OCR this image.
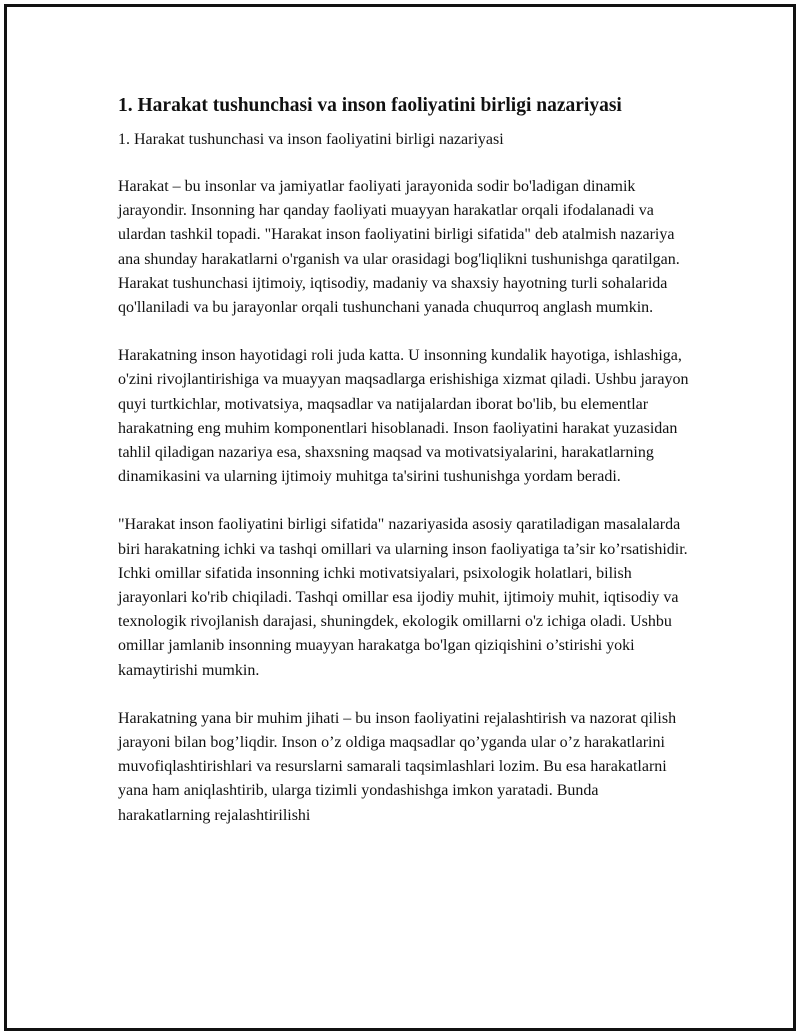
1. Harakat tushunchasi va inson faoliyatini birligi nazariyasi

1. Harakat tushunchasi va inson faoliyatini birligi nazariyasi

Harakat – bu insonlar va jamiyatlar faoliyati jarayonida sodir bo'ladigan dinamik jarayondir. Insonning har qanday faoliyati muayyan harakatlar orqali ifodalanadi va ulardan tashkil topadi. "Harakat inson faoliyatini birligi sifatida" deb atalmish nazariya ana shunday harakatlarni o'rganish va ular orasidagi bog'liqlikni tushunishga qaratilgan. Harakat tushunchasi ijtimoiy, iqtisodiy, madaniy va shaxsiy hayotning turli sohalarida qo'llaniladi va bu jarayonlar orqali tushunchani yanada chuqurroq anglash mumkin.

Harakatning inson hayotidagi roli juda katta. U insonning kundalik hayotiga, ishlashiga, o'zini rivojlantirishiga va muayyan maqsadlarga erishishiga xizmat qiladi. Ushbu jarayon quyi turtkichlar, motivatsiya, maqsadlar va natijalardan iborat bo'lib, bu elementlar harakatning eng muhim komponentlari hisoblanadi. Inson faoliyatini harakat yuzasidan tahlil qiladigan nazariya esa, shaxsning maqsad va motivatsiyalarini, harakatlarning dinamikasini va ularning ijtimoiy muhitga ta'sirini tushunishga yordam beradi.

"Harakat inson faoliyatini birligi sifatida" nazariyasida asosiy qaratiladigan masalalarda biri harakatning ichki va tashqi omillari va ularning inson faoliyatiga ta’sir ko’rsatishidir. Ichki omillar sifatida insonning ichki motivatsiyalari, psixologik holatlari, bilish jarayonlari ko'rib chiqiladi. Tashqi omillar esa ijodiy muhit, ijtimoiy muhit, iqtisodiy va texnologik rivojlanish darajasi, shuningdek, ekologik omillarni o'z ichiga oladi. Ushbu omillar jamlanib insonning muayyan harakatga bo'lgan qiziqishini o’stirishi yoki kamaytirishi mumkin.

Harakatning yana bir muhim jihati – bu inson faoliyatini rejalashtirish va nazorat qilish jarayoni bilan bog’liqdir. Inson o’z oldiga maqsadlar qo’yganda ular o’z harakatlarini muvofiqlashtirishlari va resurslarni samarali taqsimlashlari lozim. Bu esa harakatlarni yana ham aniqlashtirib, ularga tizimli yondashishga imkon yaratadi. Bunda harakatlarning rejalashtirilishi
